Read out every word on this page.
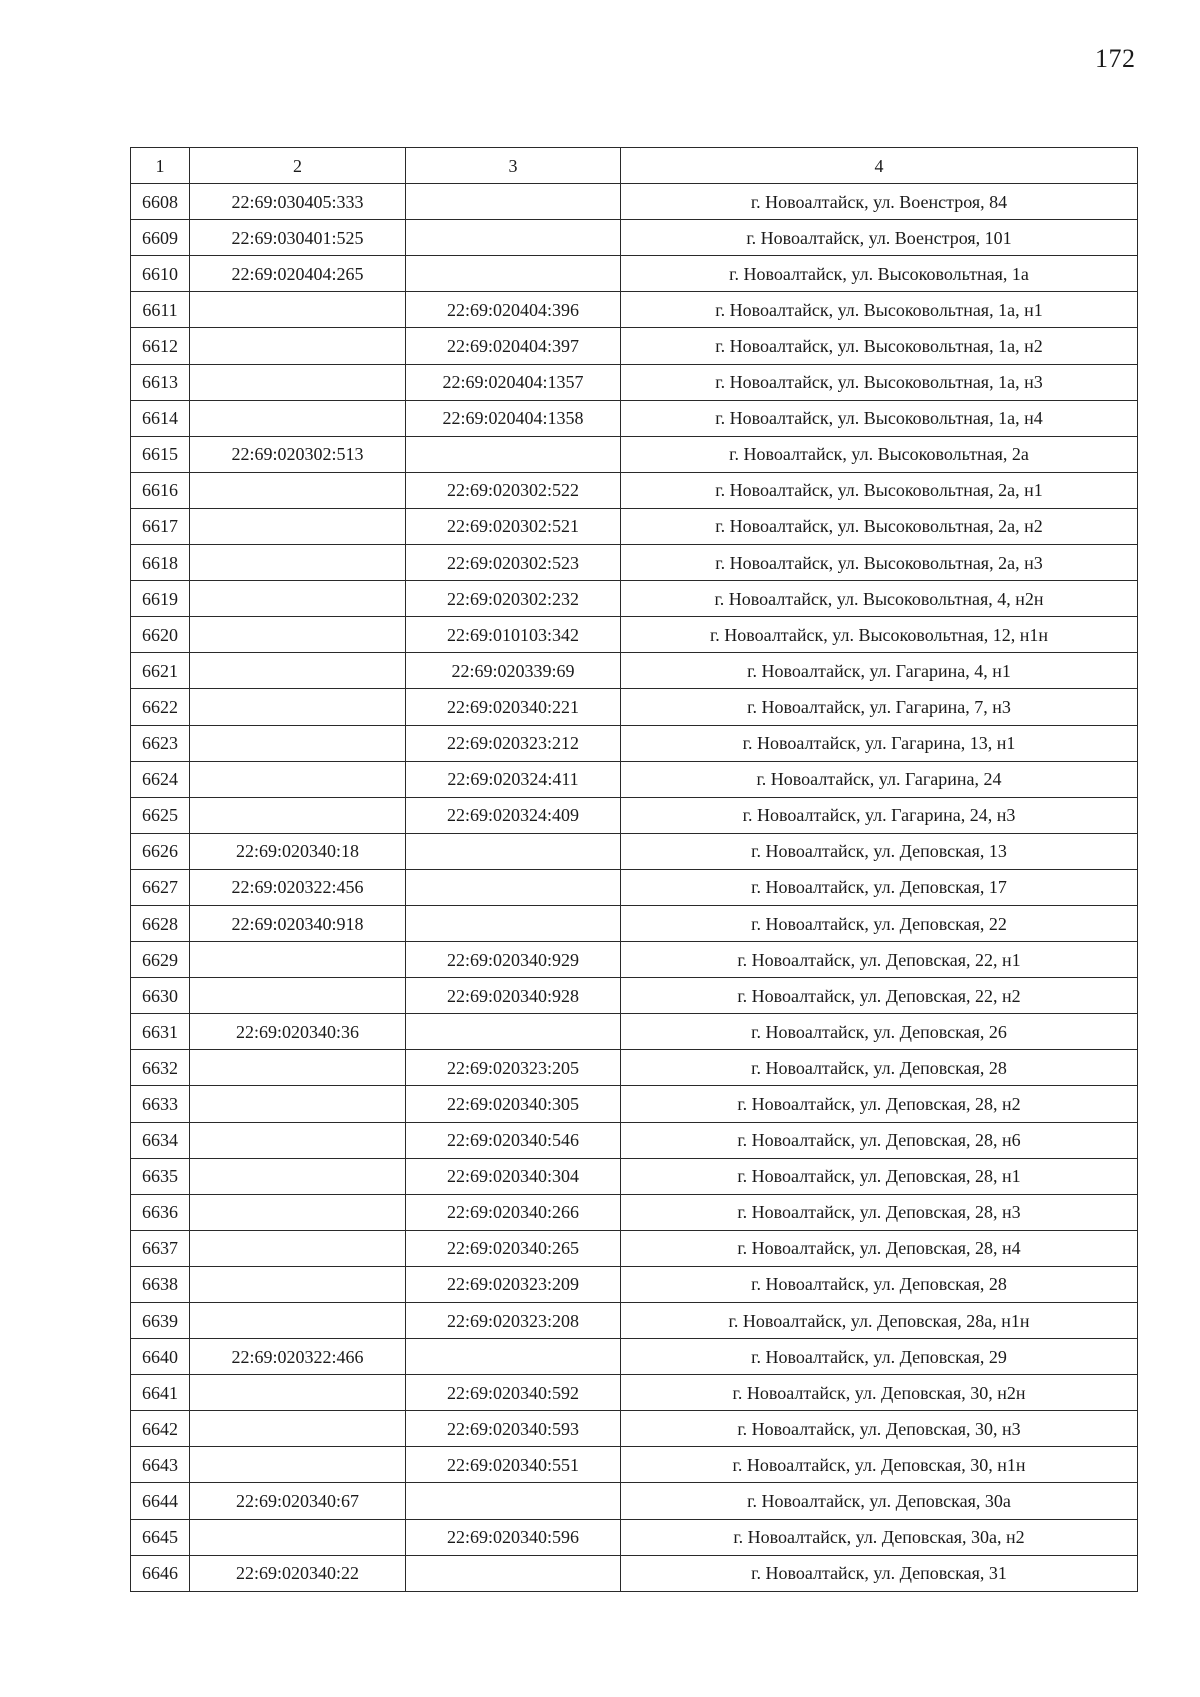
172
1	2	3	4
6608	22:69:030405:333		г. Новоалтайск, ул. Военстроя, 84
6609	22:69:030401:525		г. Новоалтайск, ул. Военстроя, 101
6610	22:69:020404:265		г. Новоалтайск, ул. Высоковольтная, 1а
6611		22:69:020404:396	г. Новоалтайск, ул. Высоковольтная, 1а, н1
6612		22:69:020404:397	г. Новоалтайск, ул. Высоковольтная, 1а, н2
6613		22:69:020404:1357	г. Новоалтайск, ул. Высоковольтная, 1а, н3
6614		22:69:020404:1358	г. Новоалтайск, ул. Высоковольтная, 1а, н4
6615	22:69:020302:513		г. Новоалтайск, ул. Высоковольтная, 2а
6616		22:69:020302:522	г. Новоалтайск, ул. Высоковольтная, 2а, н1
6617		22:69:020302:521	г. Новоалтайск, ул. Высоковольтная, 2а, н2
6618		22:69:020302:523	г. Новоалтайск, ул. Высоковольтная, 2а, н3
6619		22:69:020302:232	г. Новоалтайск, ул. Высоковольтная, 4, н2н
6620		22:69:010103:342	г. Новоалтайск, ул. Высоковольтная, 12, н1н
6621		22:69:020339:69	г. Новоалтайск, ул. Гагарина, 4, н1
6622		22:69:020340:221	г. Новоалтайск, ул. Гагарина, 7, н3
6623		22:69:020323:212	г. Новоалтайск, ул. Гагарина, 13, н1
6624		22:69:020324:411	г. Новоалтайск, ул. Гагарина, 24
6625		22:69:020324:409	г. Новоалтайск, ул. Гагарина, 24, н3
6626	22:69:020340:18		г. Новоалтайск, ул. Деповская, 13
6627	22:69:020322:456		г. Новоалтайск, ул. Деповская, 17
6628	22:69:020340:918		г. Новоалтайск, ул. Деповская, 22
6629		22:69:020340:929	г. Новоалтайск, ул. Деповская, 22, н1
6630		22:69:020340:928	г. Новоалтайск, ул. Деповская, 22, н2
6631	22:69:020340:36		г. Новоалтайск, ул. Деповская, 26
6632		22:69:020323:205	г. Новоалтайск, ул. Деповская, 28
6633		22:69:020340:305	г. Новоалтайск, ул. Деповская, 28, н2
6634		22:69:020340:546	г. Новоалтайск, ул. Деповская, 28, н6
6635		22:69:020340:304	г. Новоалтайск, ул. Деповская, 28, н1
6636		22:69:020340:266	г. Новоалтайск, ул. Деповская, 28, н3
6637		22:69:020340:265	г. Новоалтайск, ул. Деповская, 28, н4
6638		22:69:020323:209	г. Новоалтайск, ул. Деповская, 28
6639		22:69:020323:208	г. Новоалтайск, ул. Деповская, 28а, н1н
6640	22:69:020322:466		г. Новоалтайск, ул. Деповская, 29
6641		22:69:020340:592	г. Новоалтайск, ул. Деповская, 30, н2н
6642		22:69:020340:593	г. Новоалтайск, ул. Деповская, 30, н3
6643		22:69:020340:551	г. Новоалтайск, ул. Деповская, 30, н1н
6644	22:69:020340:67		г. Новоалтайск, ул. Деповская, 30а
6645		22:69:020340:596	г. Новоалтайск, ул. Деповская, 30а, н2
6646	22:69:020340:22		г. Новоалтайск, ул. Деповская, 31
